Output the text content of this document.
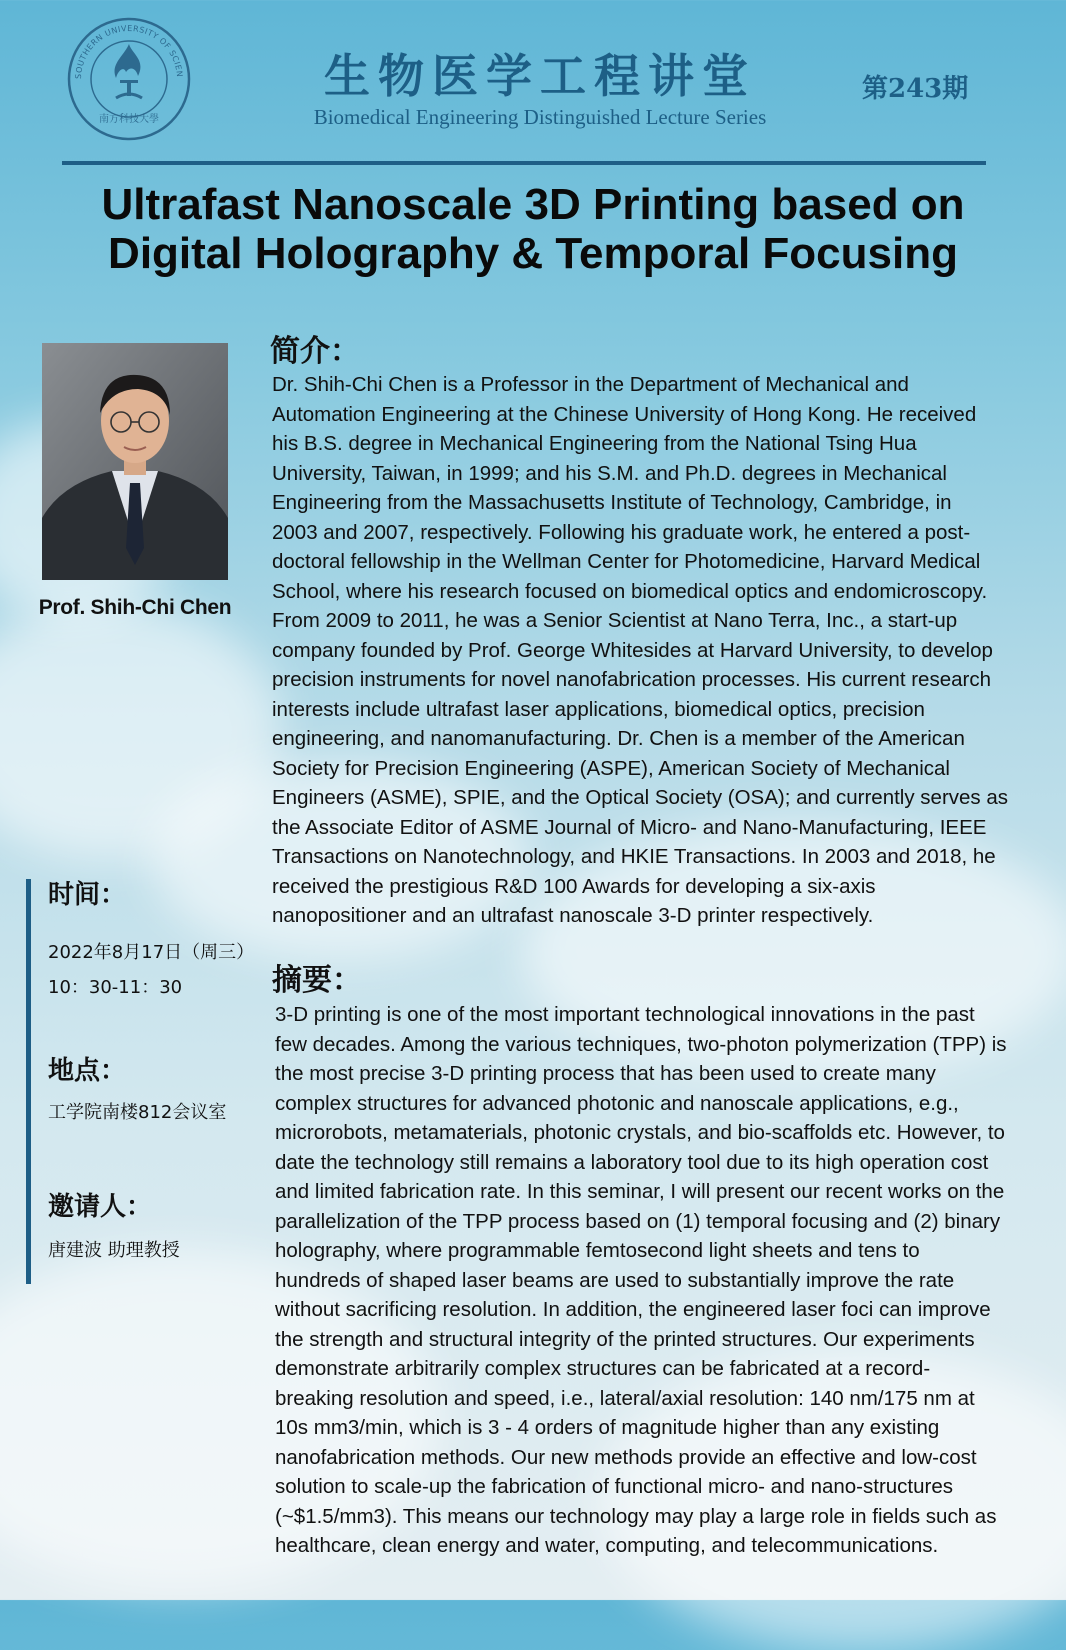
SOUTHERN UNIVERSITY OF SCIEN
南方科技大學
生物医学工程讲堂
Biomedical Engineering Distinguished Lecture Series
第243期
Ultrafast Nanoscale 3D Printing based on
Digital Holography & Temporal Focusing
Prof. Shih-Chi Chen
时间：
2022年8月17日（周三）
10：30-11：30
地点：
工学院南楼812会议室
邀请人：
唐建波 助理教授
简介：
Dr. Shih-Chi Chen is a Professor in the Department of Mechanical and
Automation Engineering at the Chinese University of Hong Kong. He received
his B.S. degree in Mechanical Engineering from the National Tsing Hua
University, Taiwan, in 1999; and his S.M. and Ph.D. degrees in Mechanical
Engineering from the Massachusetts Institute of Technology, Cambridge, in
2003 and 2007, respectively. Following his graduate work, he entered a post-
doctoral fellowship in the Wellman Center for Photomedicine, Harvard Medical
School, where his research focused on biomedical optics and endomicroscopy.
From 2009 to 2011, he was a Senior Scientist at Nano Terra, Inc., a start-up
company founded by Prof. George Whitesides at Harvard University, to develop
precision instruments for novel nanofabrication processes. His current research
interests include ultrafast laser applications, biomedical optics, precision
engineering, and nanomanufacturing. Dr. Chen is a member of the American
Society for Precision Engineering (ASPE), American Society of Mechanical
Engineers (ASME), SPIE, and the Optical Society (OSA); and currently serves as
the Associate Editor of ASME Journal of Micro- and Nano-Manufacturing, IEEE
Transactions on Nanotechnology, and HKIE Transactions. In 2003 and 2018, he
received the prestigious R&D 100 Awards for developing a six-axis
nanopositioner and an ultrafast nanoscale 3-D printer respectively.
摘要：
3-D printing is one of the most important technological innovations in the past
few decades. Among the various techniques, two-photon polymerization (TPP) is
the most precise 3-D printing process that has been used to create many
complex structures for advanced photonic and nanoscale applications, e.g.,
microrobots, metamaterials, photonic crystals, and bio-scaffolds etc. However, to
date the technology still remains a laboratory tool due to its high operation cost
and limited fabrication rate. In this seminar, I will present our recent works on the
parallelization of the TPP process based on (1) temporal focusing and (2) binary
holography, where programmable femtosecond light sheets and tens to
hundreds of shaped laser beams are used to substantially improve the rate
without sacrificing resolution. In addition, the engineered laser foci can improve
the strength and structural integrity of the printed structures. Our experiments
demonstrate arbitrarily complex structures can be fabricated at a record-
breaking resolution and speed, i.e., lateral/axial resolution: 140 nm/175 nm at
10s mm3/min, which is 3 - 4 orders of magnitude higher than any existing
nanofabrication methods. Our new methods provide an effective and low-cost
solution to scale-up the fabrication of functional micro- and nano-structures
(~$1.5/mm3). This means our technology may play a large role in fields such as
healthcare, clean energy and water, computing, and telecommunications.
